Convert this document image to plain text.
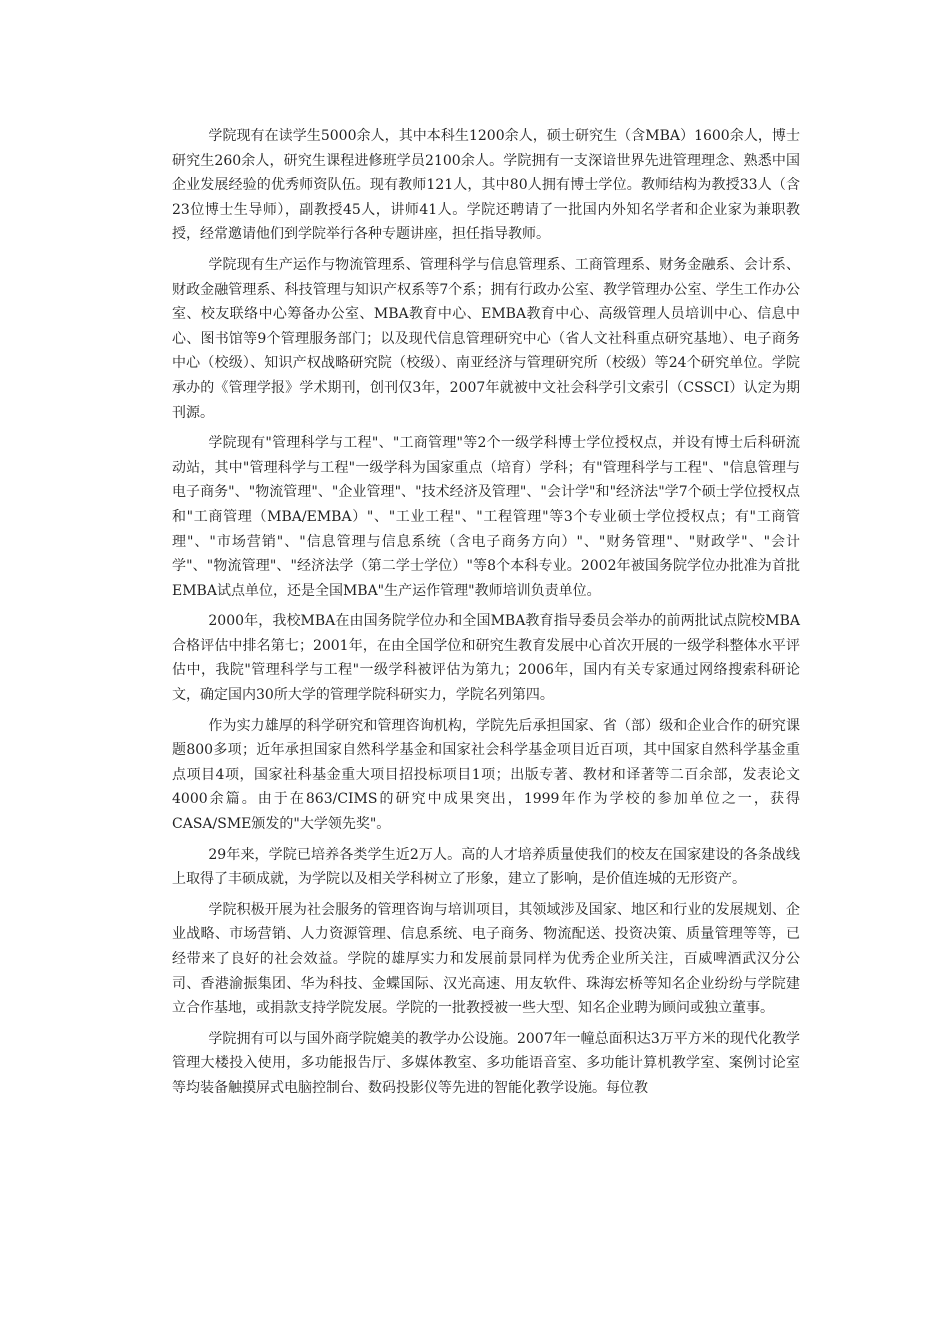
学院现有在读学生5000余人，其中本科生1200余人，硕士研究生（含MBA）1600余人，博士研究生260余人，研究生课程进修班学员2100余人。学院拥有一支深谙世界先进管理理念、熟悉中国企业发展经验的优秀师资队伍。现有教师121人，其中80人拥有博士学位。教师结构为教授33人（含23位博士生导师），副教授45人，讲师41人。学院还聘请了一批国内外知名学者和企业家为兼职教授，经常邀请他们到学院举行各种专题讲座，担任指导教师。

学院现有生产运作与物流管理系、管理科学与信息管理系、工商管理系、财务金融系、会计系、财政金融管理系、科技管理与知识产权系等7个系；拥有行政办公室、教学管理办公室、学生工作办公室、校友联络中心筹备办公室、MBA教育中心、EMBA教育中心、高级管理人员培训中心、信息中心、图书馆等9个管理服务部门；以及现代信息管理研究中心（省人文社科重点研究基地）、电子商务中心（校级）、知识产权战略研究院（校级）、南亚经济与管理研究所（校级）等24个研究单位。学院承办的《管理学报》学术期刊，创刊仅3年，2007年就被中文社会科学引文索引（CSSCI）认定为期刊源。

学院现有"管理科学与工程"、"工商管理"等2个一级学科博士学位授权点，并设有博士后科研流动站，其中"管理科学与工程"一级学科为国家重点（培育）学科；有"管理科学与工程"、"信息管理与电子商务"、"物流管理"、"企业管理"、"技术经济及管理"、"会计学"和"经济法"学7个硕士学位授权点和"工商管理（MBA/EMBA）"、"工业工程"、"工程管理"等3个专业硕士学位授权点；有"工商管理"、"市场营销"、"信息管理与信息系统（含电子商务方向）"、"财务管理"、"财政学"、"会计学"、"物流管理"、"经济法学（第二学士学位）"等8个本科专业。2002年被国务院学位办批准为首批EMBA试点单位，还是全国MBA"生产运作管理"教师培训负责单位。

2000年，我校MBA在由国务院学位办和全国MBA教育指导委员会举办的前两批试点院校MBA合格评估中排名第七；2001年，在由全国学位和研究生教育发展中心首次开展的一级学科整体水平评估中，我院"管理科学与工程"一级学科被评估为第九；2006年，国内有关专家通过网络搜索科研论文，确定国内30所大学的管理学院科研实力，学院名列第四。

作为实力雄厚的科学研究和管理咨询机构，学院先后承担国家、省（部）级和企业合作的研究课题800多项；近年承担国家自然科学基金和国家社会科学基金项目近百项，其中国家自然科学基金重点项目4项，国家社科基金重大项目招投标项目1项；出版专著、教材和译著等二百余部，发表论文4000余篇。由于在863/CIMS的研究中成果突出，1999年作为学校的参加单位之一，获得CASA/SME颁发的"大学领先奖"。

29年来，学院已培养各类学生近2万人。高的人才培养质量使我们的校友在国家建设的各条战线上取得了丰硕成就，为学院以及相关学科树立了形象，建立了影响，是价值连城的无形资产。

学院积极开展为社会服务的管理咨询与培训项目，其领域涉及国家、地区和行业的发展规划、企业战略、市场营销、人力资源管理、信息系统、电子商务、物流配送、投资决策、质量管理等等，已经带来了良好的社会效益。学院的雄厚实力和发展前景同样为优秀企业所关注，百威啤酒武汉分公司、香港渝振集团、华为科技、金蝶国际、汉光高速、用友软件、珠海宏桥等知名企业纷纷与学院建立合作基地，或捐款支持学院发展。学院的一批教授被一些大型、知名企业聘为顾问或独立董事。

学院拥有可以与国外商学院媲美的教学办公设施。2007年一幢总面积达3万平方米的现代化教学管理大楼投入使用，多功能报告厅、多媒体教室、多功能语音室、多功能计算机教学室、案例讨论室等均装备触摸屏式电脑控制台、数码投影仪等先进的智能化教学设施。每位教
